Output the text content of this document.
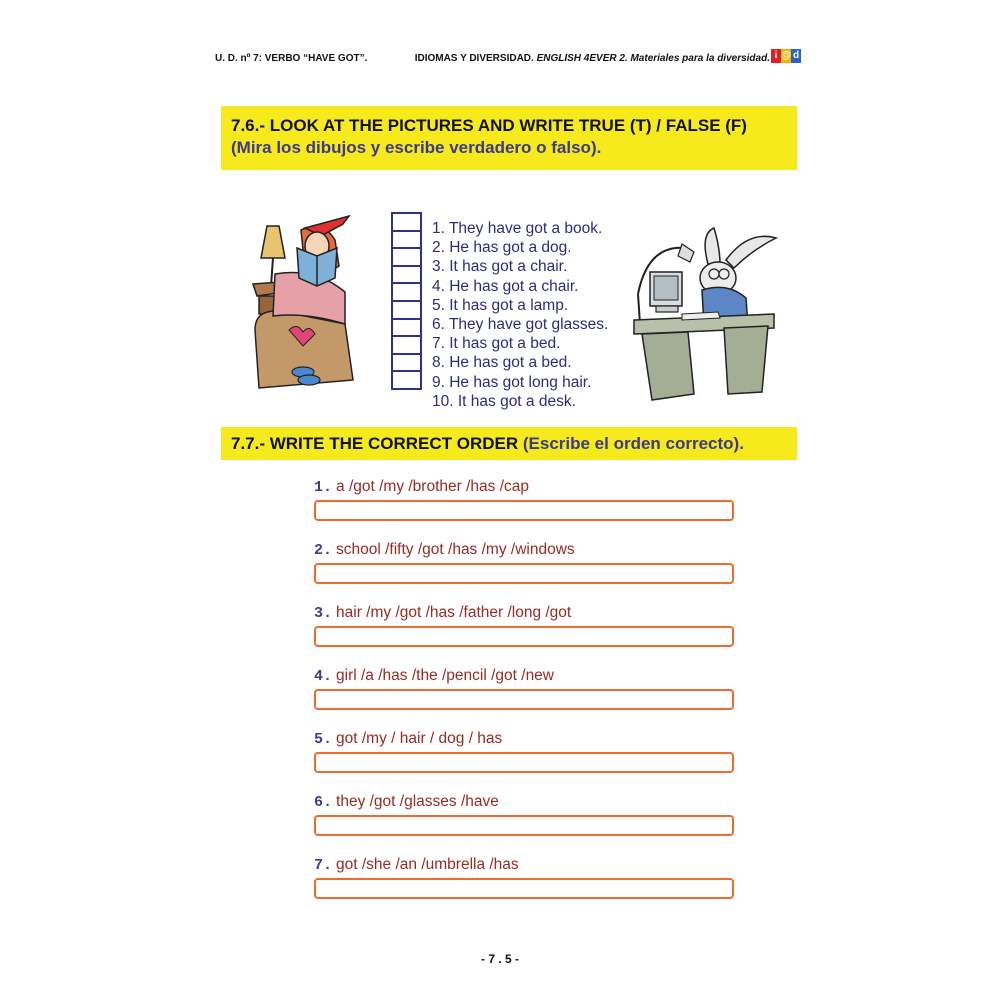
U. D. nº 7: VERBO “HAVE GOT”.	IDIOMAS Y DIVERSIDAD. ENGLISH 4EVER 2. Materiales para la diversidad. i @ d
7.6.- LOOK AT THE PICTURES AND WRITE TRUE (T) / FALSE (F) (Mira los dibujos y escribe verdadero o falso).
1. They have got a book.
2. He has got a dog.
3. It has got a chair.
4. He has got a chair.
5. It has got a lamp.
6. They have got glasses.
7. It has got a bed.
8. He has got a bed.
9. He has got long hair.
10. It has got a desk.
7.7.- WRITE THE CORRECT ORDER (Escribe el orden correcto).
1. a /got /my /brother /has /cap
2. school /fifty /got /has /my /windows
3. hair /my /got /has /father /long /got
4. girl /a /has /the /pencil /got /new
5. got /my / hair / dog / has
6. they /got /glasses /have
7. got /she /an /umbrella /has
- 7 . 5 -
